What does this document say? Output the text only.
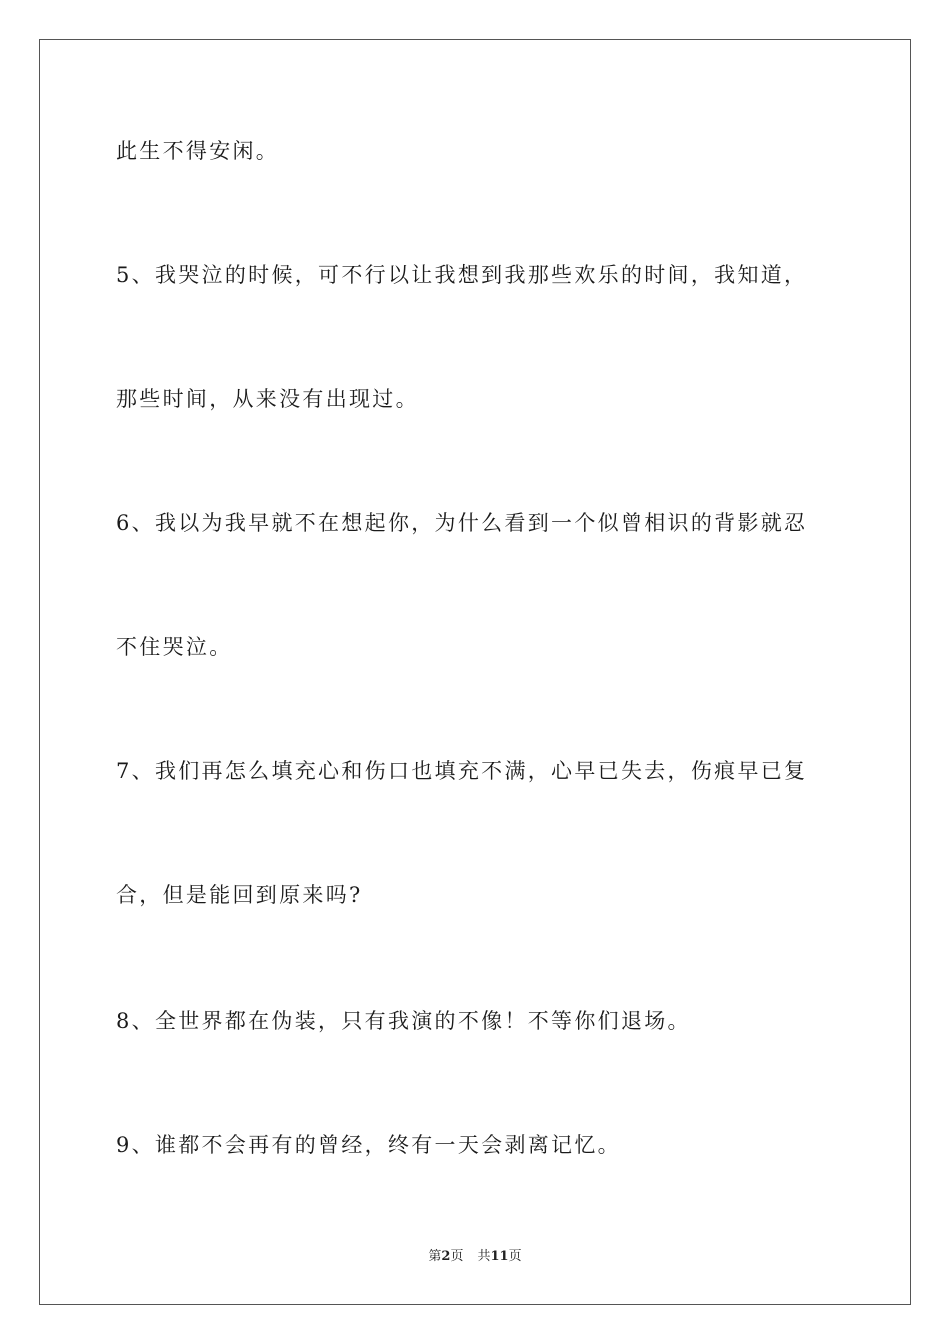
此生不得安闲。
5、我哭泣的时候，可不行以让我想到我那些欢乐的时间，我知道，
那些时间，从来没有出现过。
6、我以为我早就不在想起你，为什么看到一个似曾相识的背影就忍
不住哭泣。
7、我们再怎么填充心和伤口也填充不满，心早已失去，伤痕早已复
合，但是能回到原来吗?
8、全世界都在伪装，只有我演的不像！不等你们退场。
9、谁都不会再有的曾经，终有一天会剥离记忆。
第2页 共11页
